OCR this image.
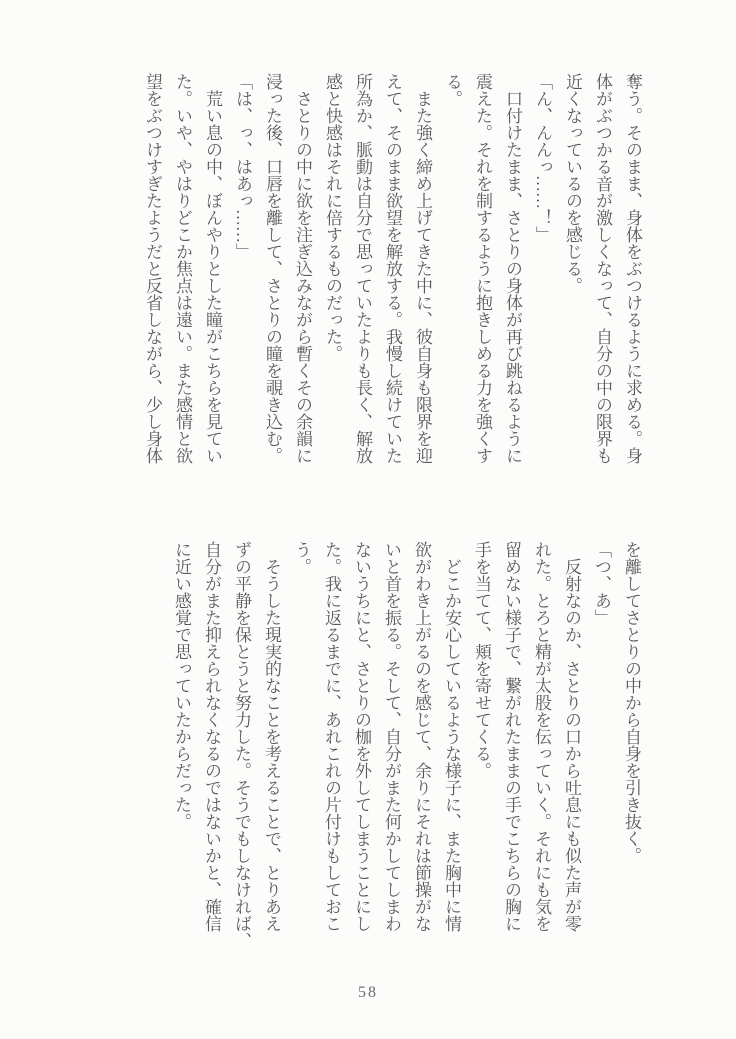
奪う。そのまま、身体をぶつけるように求める。身
体がぶつかる音が激しくなって、自分の中の限界も
近くなっているのを感じる。
「ん、んんっ……！」
口付けたまま、さとりの身体が再び跳ねるように
震えた。それを制するように抱きしめる力を強くす
る。
また強く締め上げてきた中に、彼自身も限界を迎
えて、そのまま欲望を解放する。我慢し続けていた
所為か、脈動は自分で思っていたよりも長く、解放
感と快感はそれに倍するものだった。
さとりの中に欲を注ぎ込みながら暫くその余韻に
浸った後、口唇を離して、さとりの瞳を覗き込む。
「は、っ、はあっ……」
荒い息の中、ぼんやりとした瞳がこちらを見てい
た。いや、やはりどこか焦点は遠い。また感情と欲
望をぶつけすぎたようだと反省しながら、少し身体
を離してさとりの中から自身を引き抜く。
「つ、あ」
反射なのか、さとりの口から吐息にも似た声が零
れた。とろと精が太股を伝っていく。それにも気を
留めない様子で、繋がれたままの手でこちらの胸に
手を当てて、頬を寄せてくる。
どこか安心しているような様子に、また胸中に情
欲がわき上がるのを感じて、余りにそれは節操がな
いと首を振る。そして、自分がまた何かしてしまわ
ないうちにと、さとりの枷を外してしまうことにし
た。我に返るまでに、あれこれの片付けもしておこ
う。
そうした現実的なことを考えることで、とりあえ
ずの平静を保とうと努力した。そうでもしなければ、
自分がまた抑えられなくなるのではないかと、確信
に近い感覚で思っていたからだった。
58
